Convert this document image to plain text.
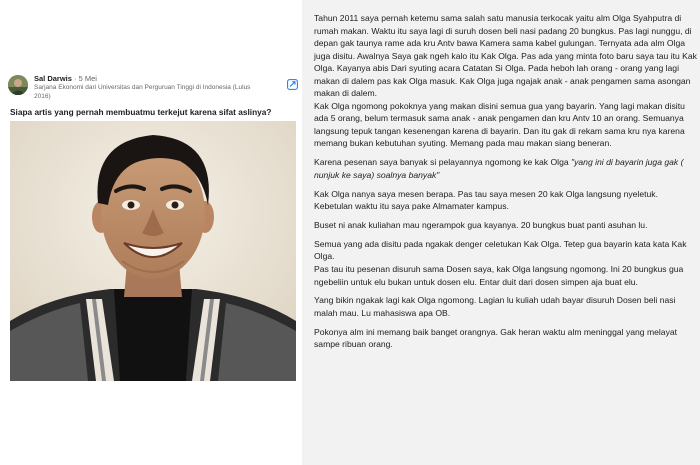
Sal Darwis · 5 Mei
Sarjana Ekonomi dari Universitas dan Perguruan Tinggi di Indonesia (Lulus 2016)
Siapa artis yang pernah membuatmu terkejut karena sifat aslinya?

Tahun 2011 saya pernah ketemu sama salah satu manusia terkocak yaitu alm Olga Syahputra di rumah makan. Waktu itu saya lagi di suruh dosen beli nasi padang 20 bungkus. Pas lagi nunggu, di depan gak taunya rame ada kru Antv bawa Kamera sama kabel gulungan. Ternyata ada alm Olga juga disitu. Awalnya Saya gak ngeh kalo itu Kak Olga. Pas ada yang minta foto baru saya tau itu Kak Olga. Kayanya abis Dari syuting acara Catatan Si Olga. Pada heboh lah orang - orang yang lagi makan di dalem pas kak Olga masuk. Kak Olga juga ngajak anak - anak pengamen sama asongan makan di dalem.

Kak Olga ngomong pokoknya yang makan disini semua gua yang bayarin. Yang lagi makan disitu ada 5 orang, belum termasuk sama anak - anak pengamen dan kru Antv 10 an orang. Semuanya langsung tepuk tangan kesenengan karena di bayarin. Dan itu gak di rekam sama kru nya karena memang bukan kebutuhan syuting. Memang pada mau makan siang beneran.

Karena pesenan saya banyak si pelayannya ngomong ke kak Olga "yang ini di bayarin juga gak ( nunjuk ke saya) soalnya banyak"

Kak Olga nanya saya mesen berapa. Pas tau saya mesen 20 kak Olga langsung nyeletuk. Kebetulan waktu itu saya pake Almamater kampus.

Buset ni anak kuliahan mau ngerampok gua kayanya. 20 bungkus buat panti asuhan lu.

Semua yang ada disitu pada ngakak denger celetukan Kak Olga. Tetep gua bayarin kata kata Kak Olga.

Pas tau itu pesenan disuruh sama Dosen saya, kak Olga langsung ngomong. Ini 20 bungkus gua ngebeliin untuk elu bukan untuk dosen elu. Entar duit dari dosen simpen aja buat elu.

Yang bikin ngakak lagi kak Olga ngomong. Lagian lu kuliah udah bayar disuruh Dosen beli nasi malah mau. Lu mahasiswa apa OB.

Pokonya alm ini memang baik banget orangnya. Gak heran waktu alm meninggal yang melayat sampe ribuan orang.
